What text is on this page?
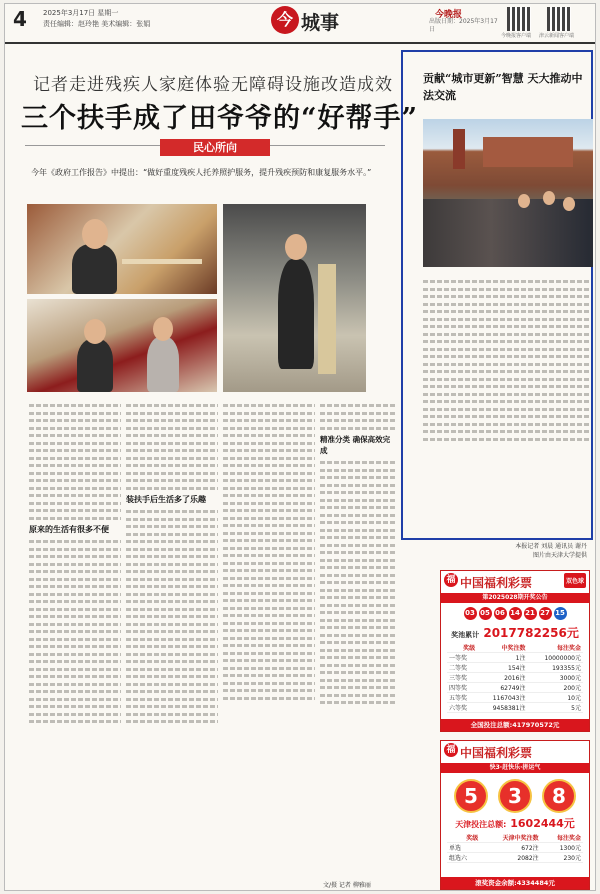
4 2025年3月17日 星期一
责任编辑：赵玲艳 美术编辑：张娟	今 城事	今晚报
出版日期：2025年3月17日
今晚报客户端 津云新闻客户端
记者走进残疾人家庭体验无障碍设施改造成效
三个扶手成了田爷爷的“好帮手”
民心所向
今年《政府工作报告》中提出：“做好重度残疾人托养照护服务，提升残疾预防和康复服务水平。”
原来的生活有很多不便
装扶手后生活多了乐趣
精准分类 确保高效完成
文/摄 记者 柳雅丽
贡献“城市更新”智慧 天大推动中法交流
本报记者 刘晨 通讯员 谢丹
图片由天津大学提供
福 中国福利彩票	双色球
第2025028期开奖公告
03 05 06 14 21 27 15
奖池累计 2017782256元
奖级	中奖注数	每注奖金
一等奖	1注	10000000元
二等奖	154注	193355元
三等奖	2016注	3000元
四等奖	62749注	200元
五等奖	1167043注	10元
六等奖	9458381注	5元
全国投注总额:417970572元
福 中国福利彩票
快3·赶快乐·拼运气
5	3	8
天津投注总额: 1602444元
奖级	天津中奖注数	每注奖金
单选	672注	1300元
组选六	2082注	230元
滚奖资金余额:4334484元
